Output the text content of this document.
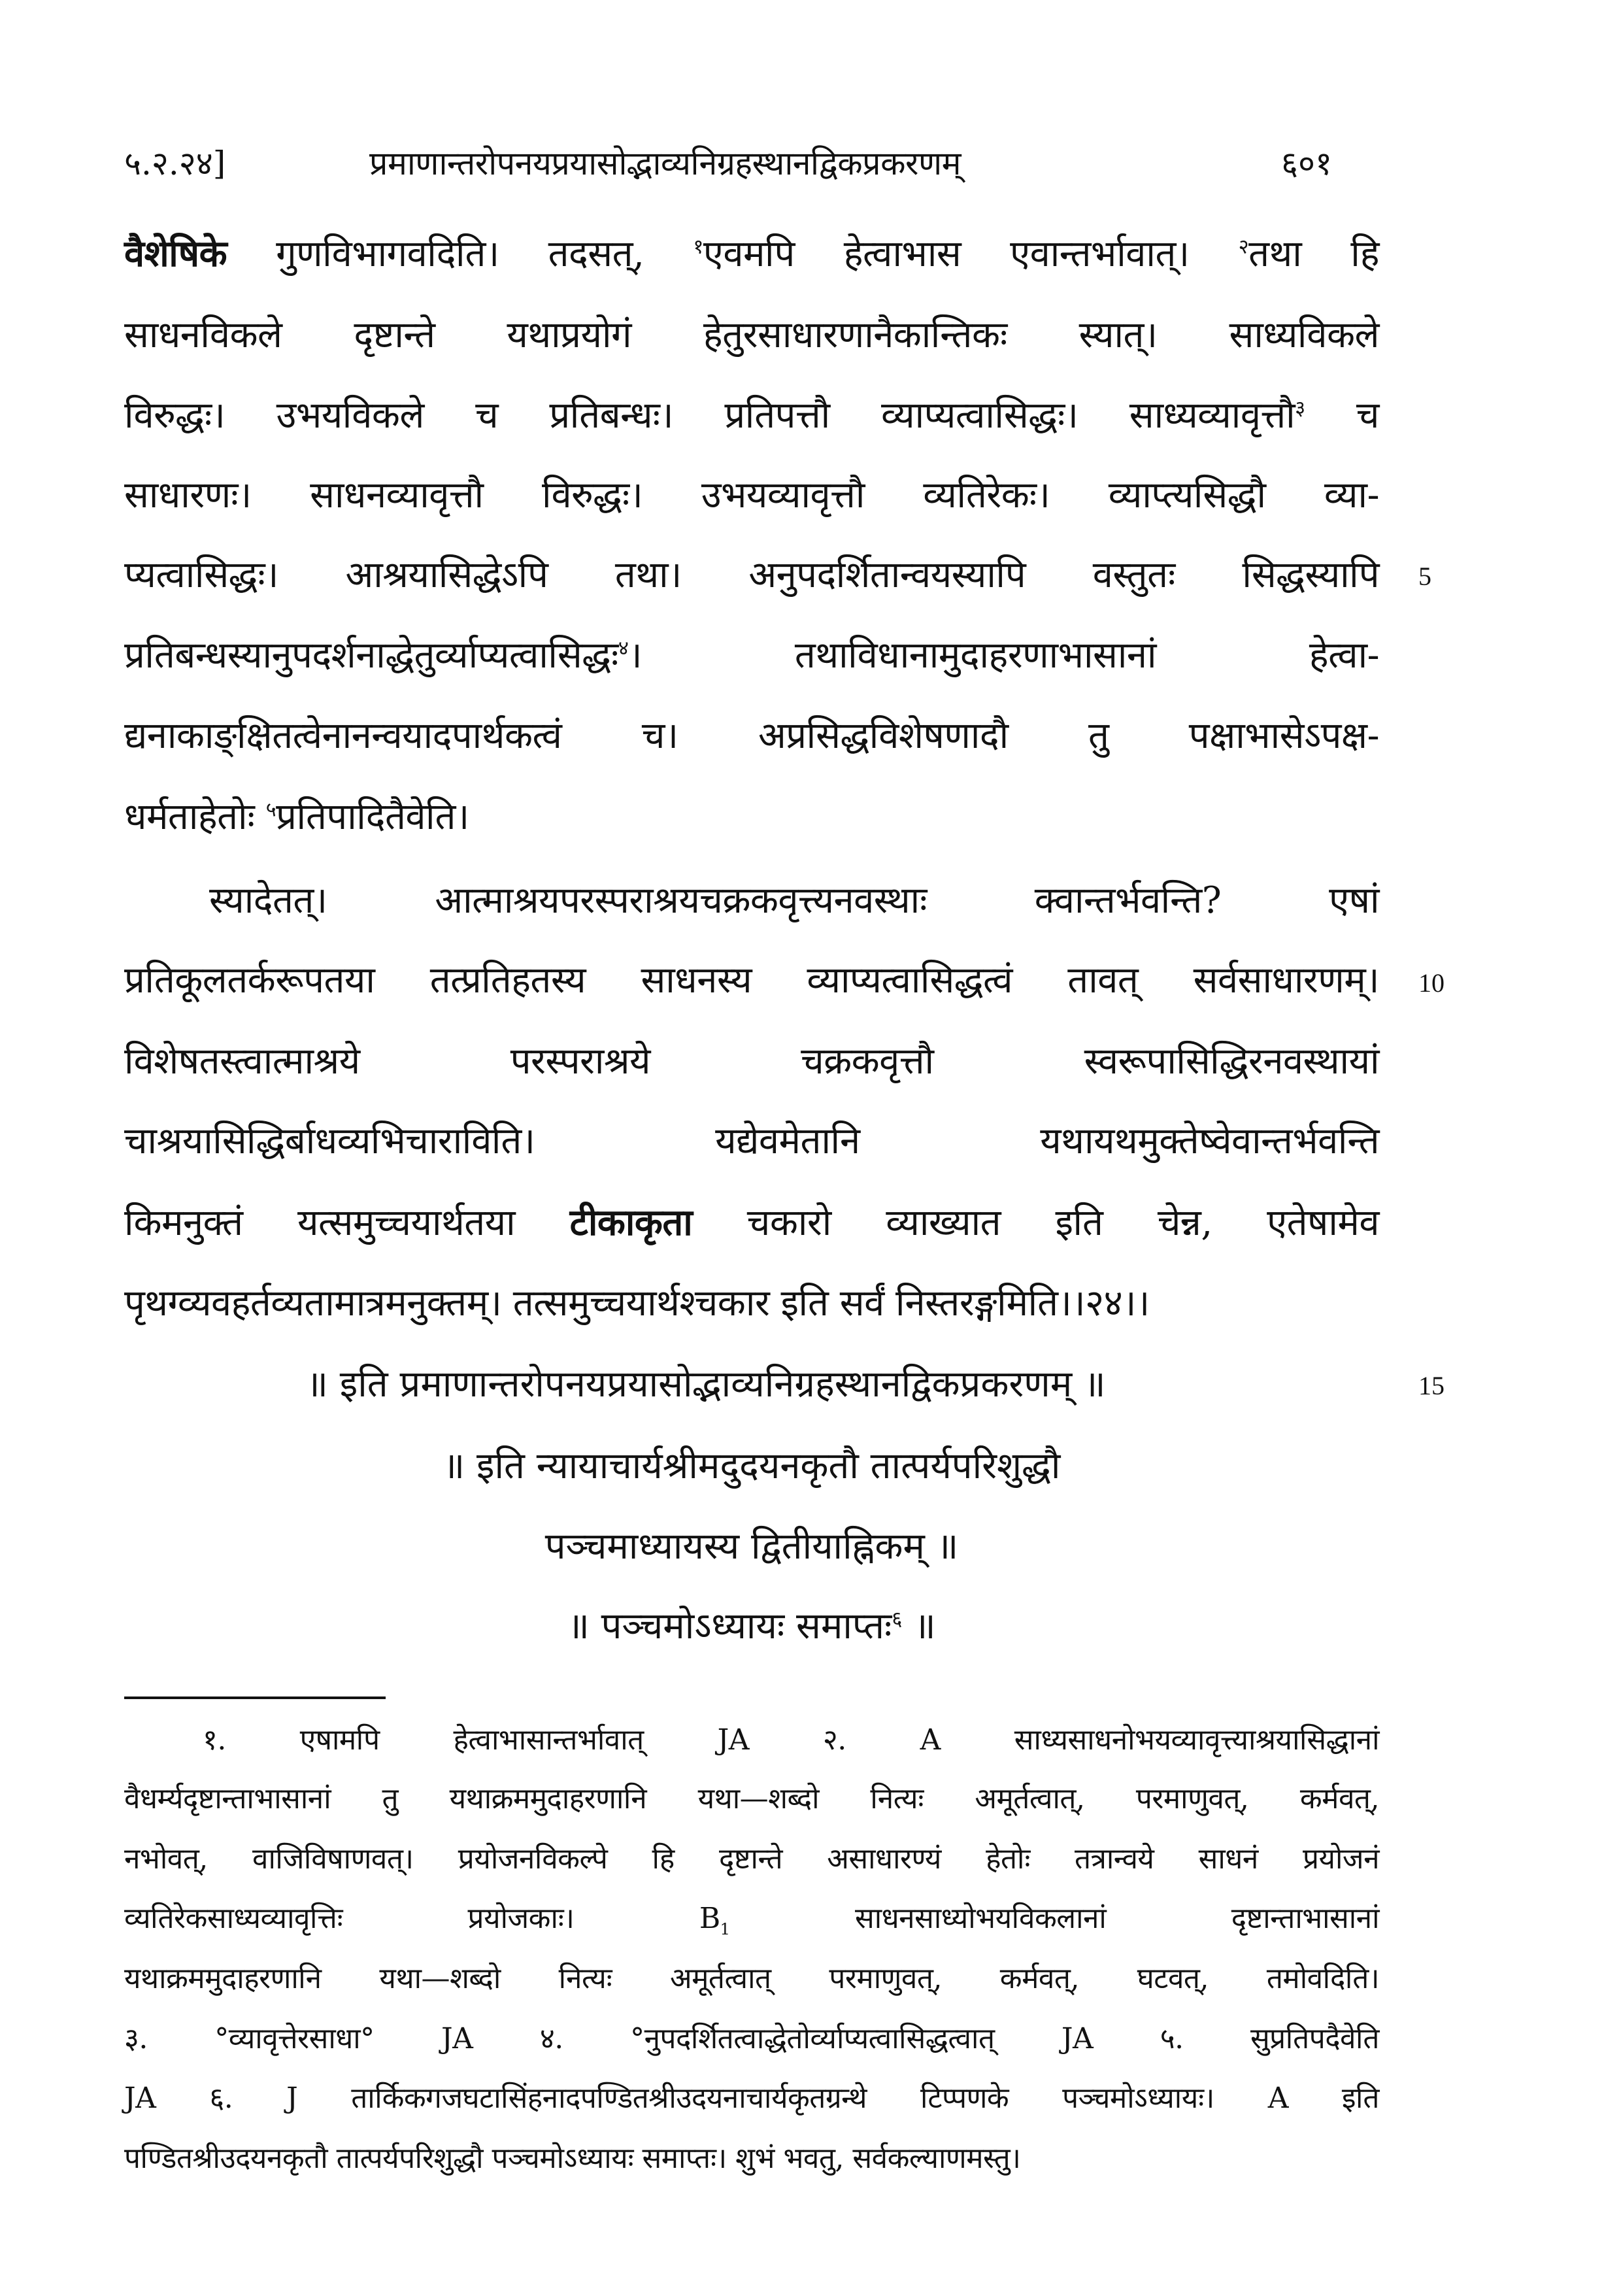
५.२.२४]	प्रमाणान्तरोपनयप्रयासोद्भाव्यनिग्रहस्थानद्विकप्रकरणम्	६०१
वैशेषिके गुणविभागवदिति। तदसत्, $^१$एवमपि हेत्वाभास एवान्तर्भावात्। $^२$तथा हि
साधनविकले दृष्टान्ते यथाप्रयोगं हेतुरसाधारणानैकान्तिकः स्यात्। साध्यविकले
विरुद्धः। उभयविकले च प्रतिबन्धः। प्रतिपत्तौ व्याप्यत्वासिद्धः। साध्यव्यावृत्तौ$^३$ च
साधारणः। साधनव्यावृत्तौ विरुद्धः। उभयव्यावृत्तौ व्यतिरेकः। व्याप्त्यसिद्धौ व्या-
प्यत्वासिद्धः। आश्रयासिद्धेऽपि तथा। अनुपदर्शितान्वयस्यापि वस्तुतः सिद्धस्यापि 5
प्रतिबन्धस्यानुपदर्शनाद्धेतुर्व्याप्यत्वासिद्धः$^४$। तथाविधानामुदाहरणाभासानां हेत्वा-
द्यनाकाङ्क्षितत्वेनानन्वयादपार्थकत्वं च। अप्रसिद्धविशेषणादौ तु पक्षाभासेऽपक्ष-
धर्मताहेतोः $^५$प्रतिपादितैवेति।
स्यादेतत्। आत्माश्रयपरस्पराश्रयचक्रकवृत्त्यनवस्थाः क्वान्तर्भवन्ति? एषां
प्रतिकूलतर्करूपतया तत्प्रतिहतस्य साधनस्य व्याप्यत्वासिद्धत्वं तावत् सर्वसाधारणम्। 10
विशेषतस्त्वात्माश्रये परस्पराश्रये चक्रकवृत्तौ स्वरूपासिद्धिरनवस्थायां
चाश्रयासिद्धिर्बाधव्यभिचाराविति। यद्येवमेतानि यथायथमुक्तेष्वेवान्तर्भवन्ति
किमनुक्तं यत्समुच्चयार्थतया टीकाकृता चकारो व्याख्यात इति चेन्न, एतेषामेव
पृथग्व्यवहर्तव्यतामात्रमनुक्तम्। तत्समुच्चयार्थश्चकार इति सर्वं निस्तरङ्गमिति।।२४।।
॥ इति प्रमाणान्तरोपनयप्रयासोद्भाव्यनिग्रहस्थानद्विकप्रकरणम् ॥	15
॥ इति न्यायाचार्यश्रीमदुदयनकृतौ तात्पर्यपरिशुद्धौ
पञ्चमाध्यायस्य द्वितीयाह्निकम् ॥
॥ पञ्चमोऽध्यायः समाप्तः$^६$ ॥
१. एषामपि हेत्वाभासान्तर्भावात् JA २. A साध्यसाधनोभयव्यावृत्त्याश्रयासिद्धानां
वैधर्म्यदृष्टान्ताभासानां तु यथाक्रममुदाहरणानि यथा—शब्दो नित्यः अमूर्तत्वात्, परमाणुवत्, कर्मवत्,
नभोवत्, वाजिविषाणवत्। प्रयोजनविकल्पे हि दृष्टान्ते असाधारण्यं हेतोः तत्रान्वये साधनं प्रयोजनं
व्यतिरेकसाध्यव्यावृत्तिः प्रयोजकाः। $B_1$ साधनसाध्योभयविकलानां दृष्टान्ताभासानां
यथाक्रममुदाहरणानि यथा—शब्दो नित्यः अमूर्तत्वात् परमाणुवत्, कर्मवत्, घटवत्, तमोवदिति।
३. °व्यावृत्तेरसाधा° JA ४. °नुपदर्शितत्वाद्धेतोर्व्याप्यत्वासिद्धत्वात् JA ५. सुप्रतिपदैवेति
JA ६. J तार्किकगजघटासिंहनादपण्डितश्रीउदयनाचार्यकृतग्रन्थे टिप्पणके पञ्चमोऽध्यायः। A इति
पण्डितश्रीउदयनकृतौ तात्पर्यपरिशुद्धौ पञ्चमोऽध्यायः समाप्तः। शुभं भवतु, सर्वकल्याणमस्तु।
